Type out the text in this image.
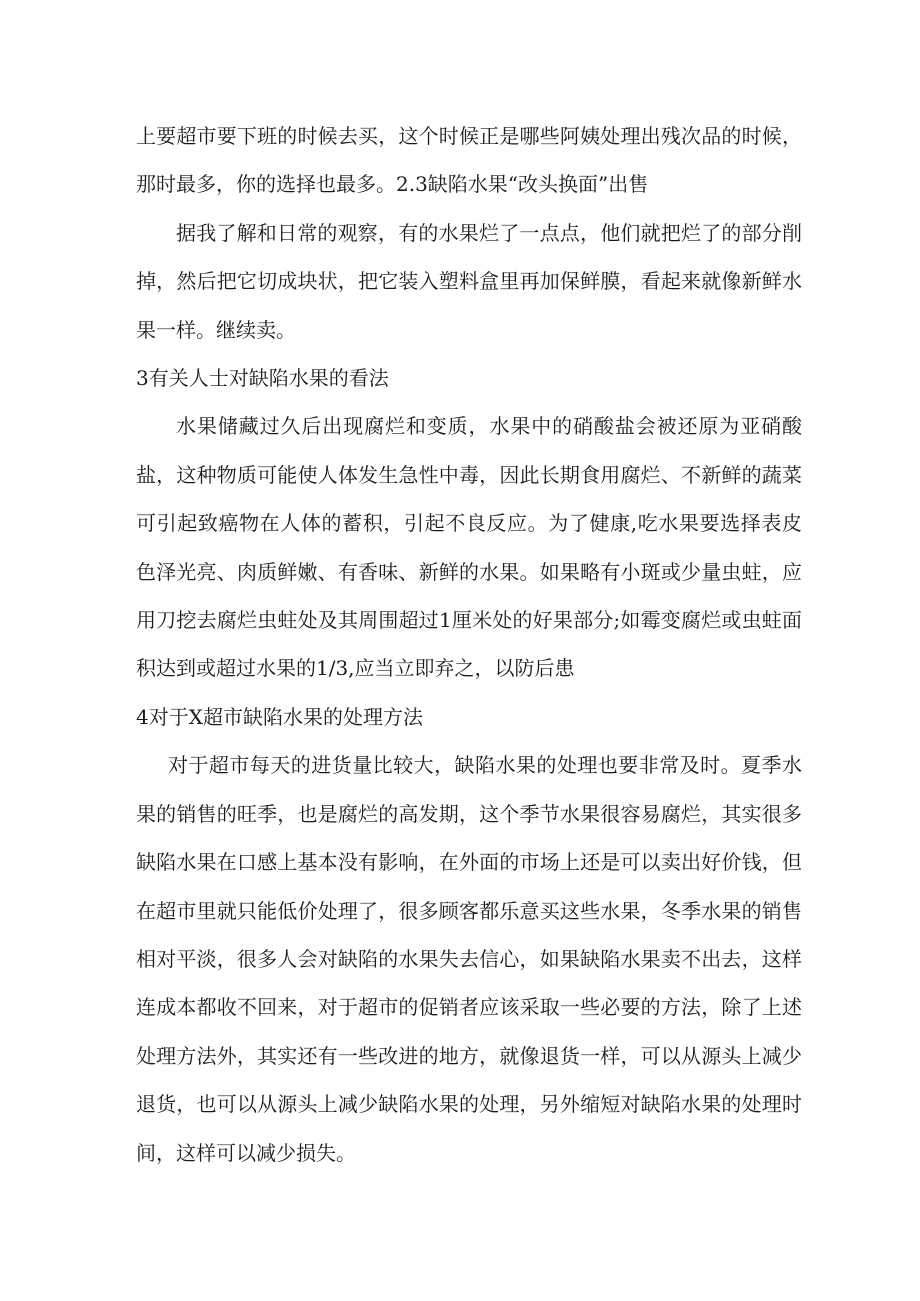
上要超市要下班的时候去买，这个时候正是哪些阿姨处理出残次品的时候，那时最多，你的选择也最多。2.3缺陷水果“改头换面”出售

据我了解和日常的观察，有的水果烂了一点点，他们就把烂了的部分削掉，然后把它切成块状，把它装入塑料盒里再加保鲜膜，看起来就像新鲜水果一样。继续卖。

3有关人士对缺陷水果的看法

水果储藏过久后出现腐烂和变质，水果中的硝酸盐会被还原为亚硝酸盐，这种物质可能使人体发生急性中毒，因此长期食用腐烂、不新鲜的蔬菜可引起致癌物在人体的蓄积，引起不良反应。为了健康,吃水果要选择表皮色泽光亮、肉质鲜嫩、有香味、新鲜的水果。如果略有小斑或少量虫蛀，应用刀挖去腐烂虫蛀处及其周围超过1厘米处的好果部分;如霉变腐烂或虫蛀面积达到或超过水果的1/3,应当立即弃之，以防后患

4对于X超市缺陷水果的处理方法

对于超市每天的进货量比较大，缺陷水果的处理也要非常及时。夏季水果的销售的旺季，也是腐烂的高发期，这个季节水果很容易腐烂，其实很多缺陷水果在口感上基本没有影响，在外面的市场上还是可以卖出好价钱，但在超市里就只能低价处理了，很多顾客都乐意买这些水果，冬季水果的销售相对平淡，很多人会对缺陷的水果失去信心，如果缺陷水果卖不出去，这样连成本都收不回来，对于超市的促销者应该采取一些必要的方法，除了上述处理方法外，其实还有一些改进的地方，就像退货一样，可以从源头上减少退货，也可以从源头上减少缺陷水果的处理，另外缩短对缺陷水果的处理时间，这样可以减少损失。
